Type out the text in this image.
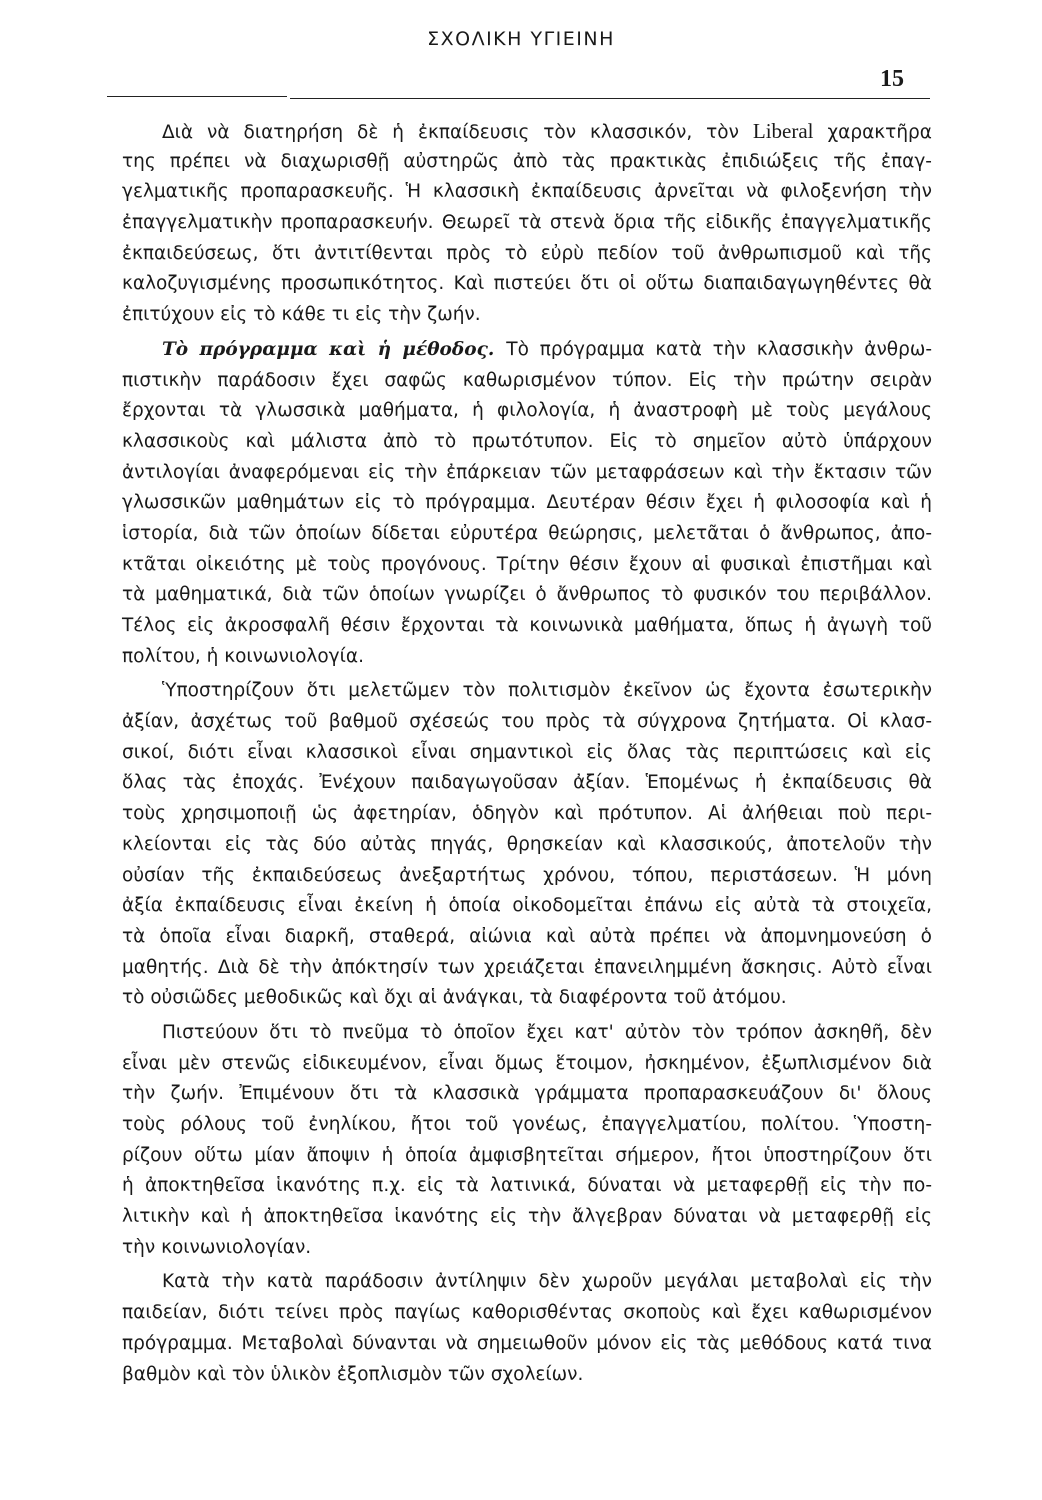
ΣΧΟΛΙΚΗ ΥΓΙΕΙΝΗ
15
Διὰ νὰ διατηρήση δὲ ἡ ἐκπαίδευσις τὸν κλασσικόν, τὸν Liberal χαρακτῆρα
της πρέπει νὰ διαχωρισθῇ αὐστηρῶς ἀπὸ τὰς πρακτικὰς ἐπιδιώξεις τῆς ἐπαγ-
γελματικῆς προπαρασκευῆς. Ἡ κλασσικὴ ἐκπαίδευσις ἀρνεῖται νὰ φιλοξενήση τὴν
ἐπαγγελματικὴν προπαρασκευήν. Θεωρεῖ τὰ στενὰ ὅρια τῆς εἰδικῆς ἐπαγγελματικῆς
ἐκπαιδεύσεως, ὅτι ἀντιτίθενται πρὸς τὸ εὐρὺ πεδίον τοῦ ἀνθρωπισμοῦ καὶ τῆς
καλοζυγισμένης προσωπικότητος. Καὶ πιστεύει ὅτι οἱ οὕτω διαπαιδαγωγηθέντες θὰ
ἐπιτύχουν εἰς τὸ κάθε τι εἰς τὴν ζωήν.
Τὸ πρόγραμμα καὶ ἡ μέθοδος. Τὸ πρόγραμμα κατὰ τὴν κλασσικὴν ἀνθρω-
πιστικὴν παράδοσιν ἔχει σαφῶς καθωρισμένον τύπον. Εἰς τὴν πρώτην σειρὰν
ἔρχονται τὰ γλωσσικὰ μαθήματα, ἡ φιλολογία, ἡ ἀναστροφὴ μὲ τοὺς μεγάλους
κλασσικοὺς καὶ μάλιστα ἀπὸ τὸ πρωτότυπον. Εἰς τὸ σημεῖον αὐτὸ ὑπάρχουν
ἀντιλογίαι ἀναφερόμεναι εἰς τὴν ἐπάρκειαν τῶν μεταφράσεων καὶ τὴν ἔκτασιν τῶν
γλωσσικῶν μαθημάτων εἰς τὸ πρόγραμμα. Δευτέραν θέσιν ἔχει ἡ φιλοσοφία καὶ ἡ
ἱστορία, διὰ τῶν ὁποίων δίδεται εὐρυτέρα θεώρησις, μελετᾶται ὁ ἄνθρωπος, ἀπο-
κτᾶται οἰκειότης μὲ τοὺς προγόνους. Τρίτην θέσιν ἔχουν αἱ φυσικαὶ ἐπιστῆμαι καὶ
τὰ μαθηματικά, διὰ τῶν ὁποίων γνωρίζει ὁ ἄνθρωπος τὸ φυσικόν του περιβάλλον.
Τέλος εἰς ἀκροσφαλῆ θέσιν ἔρχονται τὰ κοινωνικὰ μαθήματα, ὅπως ἡ ἀγωγὴ τοῦ
πολίτου, ἡ κοινωνιολογία.
Ὑποστηρίζουν ὅτι μελετῶμεν τὸν πολιτισμὸν ἐκεῖνον ὡς ἔχοντα ἐσωτερικὴν
ἀξίαν, ἀσχέτως τοῦ βαθμοῦ σχέσεώς του πρὸς τὰ σύγχρονα ζητήματα. Οἱ κλασ-
σικοί, διότι εἶναι κλασσικοὶ εἶναι σημαντικοὶ εἰς ὅλας τὰς περιπτώσεις καὶ εἰς
ὅλας τὰς ἐποχάς. Ἐνέχουν παιδαγωγοῦσαν ἀξίαν. Ἑπομένως ἡ ἐκπαίδευσις θὰ
τοὺς χρησιμοποιῇ ὡς ἀφετηρίαν, ὁδηγὸν καὶ πρότυπον. Αἱ ἀλήθειαι ποὺ περι-
κλείονται εἰς τὰς δύο αὐτὰς πηγάς, θρησκείαν καὶ κλασσικούς, ἀποτελοῦν τὴν
οὐσίαν τῆς ἐκπαιδεύσεως ἀνεξαρτήτως χρόνου, τόπου, περιστάσεων. Ἡ μόνη
ἀξία ἐκπαίδευσις εἶναι ἐκείνη ἡ ὁποία οἰκοδομεῖται ἐπάνω εἰς αὐτὰ τὰ στοιχεῖα,
τὰ ὁποῖα εἶναι διαρκῆ, σταθερά, αἰώνια καὶ αὐτὰ πρέπει νὰ ἀπομνημονεύση ὁ
μαθητής. Διὰ δὲ τὴν ἀπόκτησίν των χρειάζεται ἐπανειλημμένη ἄσκησις. Αὐτὸ εἶναι
τὸ οὐσιῶδες μεθοδικῶς καὶ ὄχι αἱ ἀνάγκαι, τὰ διαφέροντα τοῦ ἀτόμου.
Πιστεύουν ὅτι τὸ πνεῦμα τὸ ὁποῖον ἔχει κατ' αὐτὸν τὸν τρόπον ἀσκηθῆ, δὲν
εἶναι μὲν στενῶς εἰδικευμένον, εἶναι ὅμως ἕτοιμον, ἠσκημένον, ἐξωπλισμένον διὰ
τὴν ζωήν. Ἐπιμένουν ὅτι τὰ κλασσικὰ γράμματα προπαρασκευάζουν δι' ὅλους
τοὺς ρόλους τοῦ ἐνηλίκου, ἤτοι τοῦ γονέως, ἐπαγγελματίου, πολίτου. Ὑποστη-
ρίζουν οὕτω μίαν ἄποψιν ἡ ὁποία ἀμφισβητεῖται σήμερον, ἤτοι ὑποστηρίζουν ὅτι
ἡ ἀποκτηθεῖσα ἱκανότης π.χ. εἰς τὰ λατινικά, δύναται νὰ μεταφερθῇ εἰς τὴν πο-
λιτικὴν καὶ ἡ ἀποκτηθεῖσα ἱκανότης εἰς τὴν ἄλγεβραν δύναται νὰ μεταφερθῇ εἰς
τὴν κοινωνιολογίαν.
Κατὰ τὴν κατὰ παράδοσιν ἀντίληψιν δὲν χωροῦν μεγάλαι μεταβολαὶ εἰς τὴν
παιδείαν, διότι τείνει πρὸς παγίως καθορισθέντας σκοποὺς καὶ ἔχει καθωρισμένον
πρόγραμμα. Μεταβολαὶ δύνανται νὰ σημειωθοῦν μόνον εἰς τὰς μεθόδους κατά τινα
βαθμὸν καὶ τὸν ὑλικὸν ἐξοπλισμὸν τῶν σχολείων.
